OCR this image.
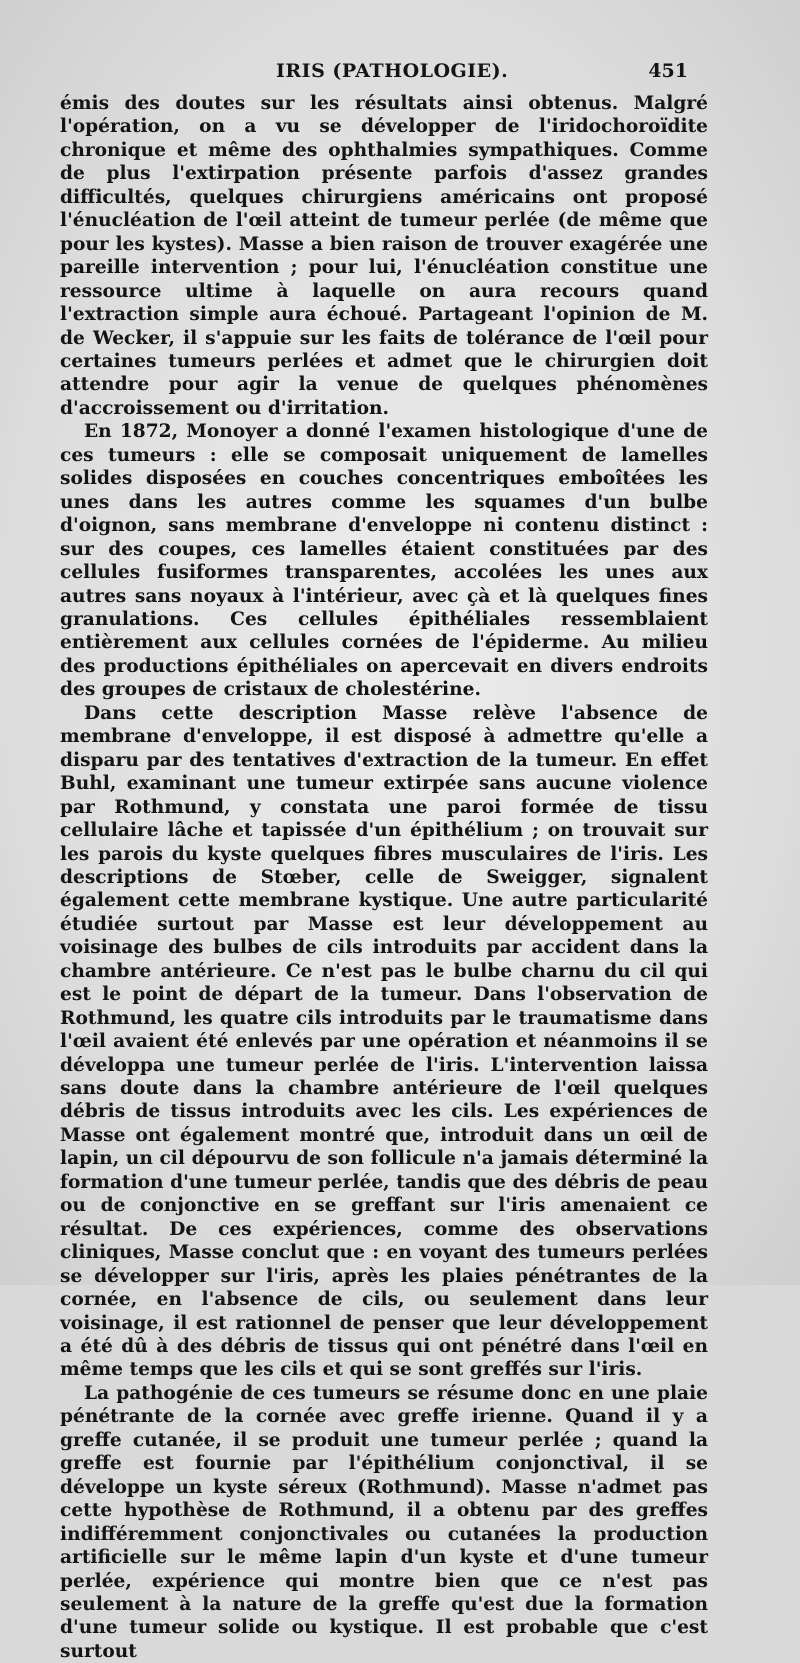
IRIS (PATHOLOGIE).	451

émis des doutes sur les résultats ainsi obtenus. Malgré l'opération, on a vu se développer de l'iridochoroïdite chronique et même des ophthalmies sympathiques. Comme de plus l'extirpation présente parfois d'assez grandes difficultés, quelques chirurgiens américains ont proposé l'énucléation de l'œil atteint de tumeur perlée (de même que pour les kystes). Masse a bien raison de trouver exagérée une pareille intervention ; pour lui, l'énucléation constitue une ressource ultime à laquelle on aura recours quand l'extraction simple aura échoué. Partageant l'opinion de M. de Wecker, il s'appuie sur les faits de tolérance de l'œil pour certaines tumeurs perlées et admet que le chirurgien doit attendre pour agir la venue de quelques phénomènes d'accroissement ou d'irritation.

En 1872, Monoyer a donné l'examen histologique d'une de ces tumeurs : elle se composait uniquement de lamelles solides disposées en couches concentriques emboîtées les unes dans les autres comme les squames d'un bulbe d'oignon, sans membrane d'enveloppe ni contenu distinct : sur des coupes, ces lamelles étaient constituées par des cellules fusiformes transparentes, accolées les unes aux autres sans noyaux à l'intérieur, avec çà et là quelques fines granulations. Ces cellules épithéliales ressemblaient entièrement aux cellules cornées de l'épiderme. Au milieu des productions épithéliales on apercevait en divers endroits des groupes de cristaux de cholestérine.

Dans cette description Masse relève l'absence de membrane d'enveloppe, il est disposé à admettre qu'elle a disparu par des tentatives d'extraction de la tumeur. En effet Buhl, examinant une tumeur extirpée sans aucune violence par Rothmund, y constata une paroi formée de tissu cellulaire lâche et tapissée d'un épithélium ; on trouvait sur les parois du kyste quelques fibres musculaires de l'iris. Les descriptions de Stœber, celle de Sweigger, signalent également cette membrane kystique. Une autre particularité étudiée surtout par Masse est leur développement au voisinage des bulbes de cils introduits par accident dans la chambre antérieure. Ce n'est pas le bulbe charnu du cil qui est le point de départ de la tumeur. Dans l'observation de Rothmund, les quatre cils introduits par le traumatisme dans l'œil avaient été enlevés par une opération et néanmoins il se développa une tumeur perlée de l'iris. L'intervention laissa sans doute dans la chambre antérieure de l'œil quelques débris de tissus introduits avec les cils. Les expériences de Masse ont également montré que, introduit dans un œil de lapin, un cil dépourvu de son follicule n'a jamais déterminé la formation d'une tumeur perlée, tandis que des débris de peau ou de conjonctive en se greffant sur l'iris amenaient ce résultat. De ces expériences, comme des observations cliniques, Masse conclut que : en voyant des tumeurs perlées se développer sur l'iris, après les plaies pénétrantes de la cornée, en l'absence de cils, ou seulement dans leur voisinage, il est rationnel de penser que leur développement a été dû à des débris de tissus qui ont pénétré dans l'œil en même temps que les cils et qui se sont greffés sur l'iris.

La pathogénie de ces tumeurs se résume donc en une plaie pénétrante de la cornée avec greffe irienne. Quand il y a greffe cutanée, il se produit une tumeur perlée ; quand la greffe est fournie par l'épithélium conjonctival, il se développe un kyste séreux (Rothmund). Masse n'admet pas cette hypothèse de Rothmund, il a obtenu par des greffes indifféremment conjonctivales ou cutanées la production artificielle sur le même lapin d'un kyste et d'une tumeur perlée, expérience qui montre bien que ce n'est pas seulement à la nature de la greffe qu'est due la formation d'une tumeur solide ou kystique. Il est probable que c'est surtout
